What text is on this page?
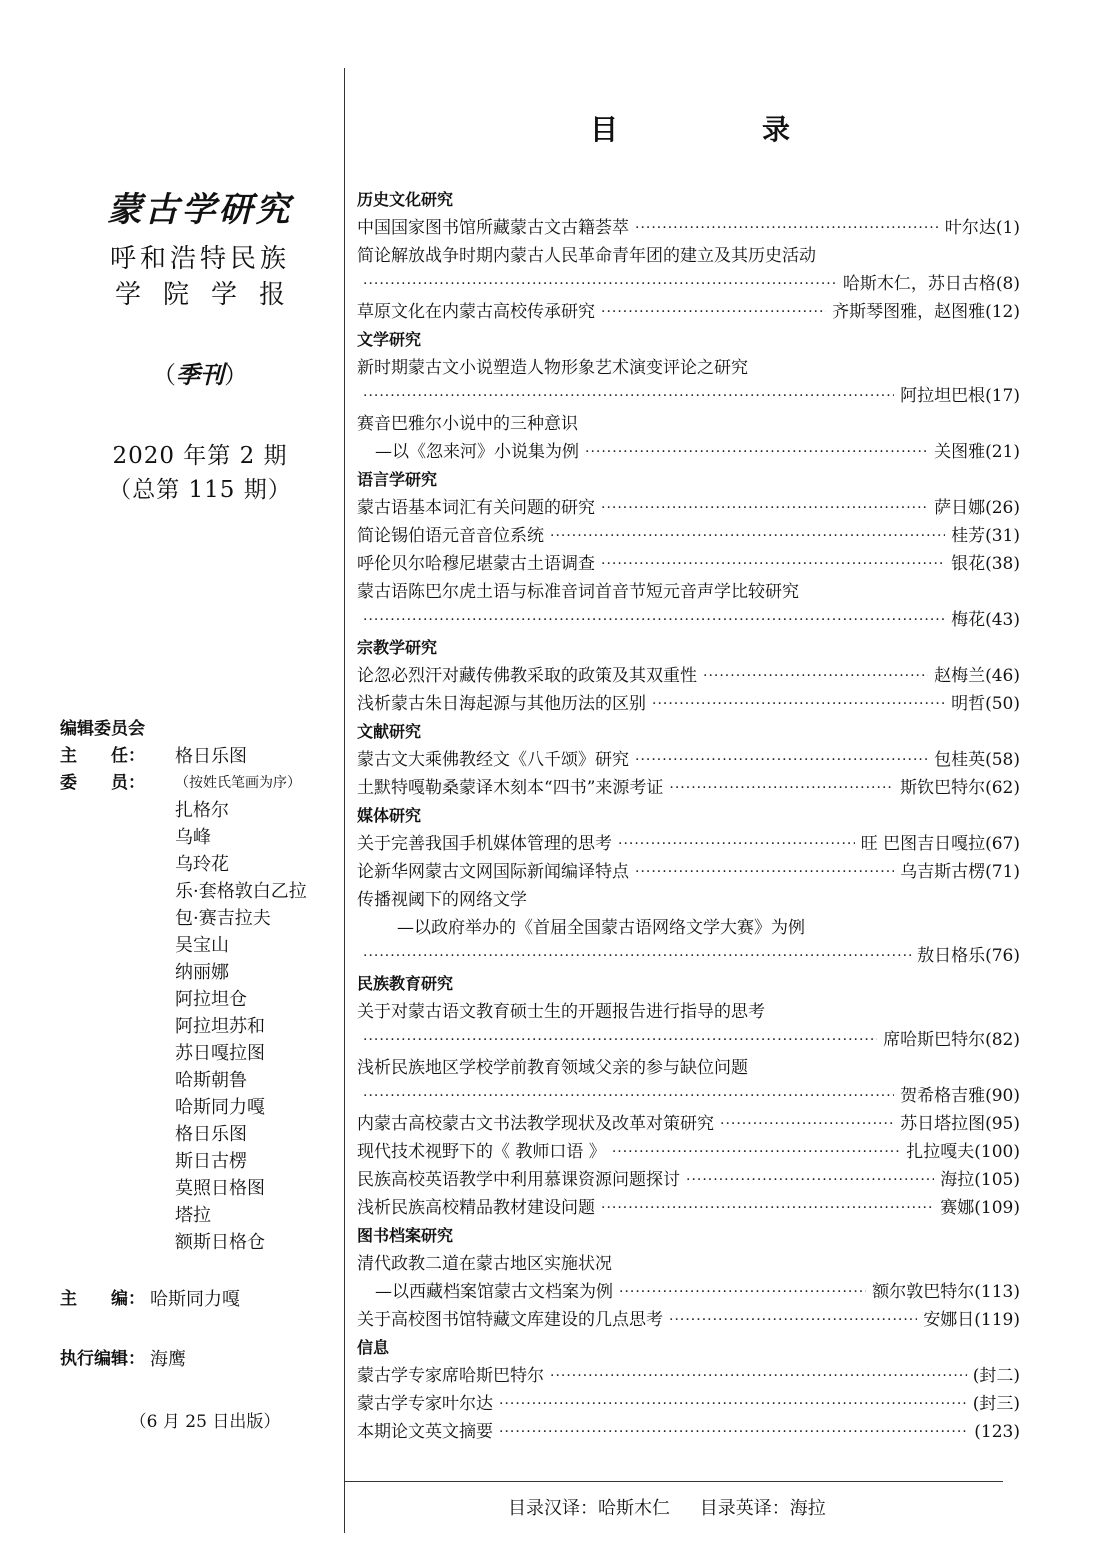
蒙古学研究
呼和浩特民族
学院学报
（季刊）
2020 年第 2 期
（总第 115 期）
编辑委员会
主　　任： 格日乐图
委　　员： （按姓氏笔画为序）
扎格尔
乌峰
乌玲花
乐·套格敦白乙拉
包·赛吉拉夫
吴宝山
纳丽娜
阿拉坦仓
阿拉坦苏和
苏日嘎拉图
哈斯朝鲁
哈斯同力嘎
格日乐图
斯日古楞
莫照日格图
塔拉
额斯日格仓
主　　编： 哈斯同力嘎
执行编辑： 海鹰
（6 月 25 日出版）
目	录
历史文化研究
中国国家图书馆所藏蒙古文古籍荟萃 ·····	叶尔达(1)
简论解放战争时期内蒙古人民革命青年团的建立及其历史活动
·····
哈斯木仁，苏日古格(8)
草原文化在内蒙古高校传承研究 ·····	齐斯琴图雅，赵图雅(12)
文学研究
新时期蒙古文小说塑造人物形象艺术演变评论之研究
·····
阿拉坦巴根(17)
赛音巴雅尔小说中的三种意识
—以《忽来河》小说集为例 ·····	关图雅(21)
语言学研究
蒙古语基本词汇有关问题的研究 ·····	萨日娜(26)
简论锡伯语元音音位系统 ·····	桂芳(31)
呼伦贝尔哈穆尼堪蒙古土语调查 ·····	银花(38)
蒙古语陈巴尔虎土语与标准音词首音节短元音声学比较研究
·····
梅花(43)
宗教学研究
论忽必烈汗对藏传佛教采取的政策及其双重性 ·····	赵梅兰(46)
浅析蒙古朱日海起源与其他历法的区别 ·····	明哲(50)
文献研究
蒙古文大乘佛教经文《八千颂》研究 ·····	包桂英(58)
土默特嘎勒桑蒙译木刻本“四书”来源考证 ·····	斯钦巴特尔(62)
媒体研究
关于完善我国手机媒体管理的思考 ·····	旺 巴图吉日嘎拉(67)
论新华网蒙古文网国际新闻编译特点 ·····	乌吉斯古楞(71)
传播视阈下的网络文学
—以政府举办的《首届全国蒙古语网络文学大赛》为例
·····
敖日格乐(76)
民族教育研究
关于对蒙古语文教育硕士生的开题报告进行指导的思考
·····
席哈斯巴特尔(82)
浅析民族地区学校学前教育领域父亲的参与缺位问题
·····
贺希格吉雅(90)
内蒙古高校蒙古文书法教学现状及改革对策研究 ·····	苏日塔拉图(95)
现代技术视野下的《 教师口语 》 ·····	扎拉嘎夫(100)
民族高校英语教学中利用慕课资源问题探讨 ·····	海拉(105)
浅析民族高校精品教材建设问题 ·····	赛娜(109)
图书档案研究
清代政教二道在蒙古地区实施状况
—以西藏档案馆蒙古文档案为例 ·····	额尔敦巴特尔(113)
关于高校图书馆特藏文库建设的几点思考 ·····	安娜日(119)
信息
蒙古学专家席哈斯巴特尔 ·····	(封二)
蒙古学专家叶尔达 ·····	(封三)
本期论文英文摘要 ·····	(123)
目录汉译：哈斯木仁 目录英译：海拉
